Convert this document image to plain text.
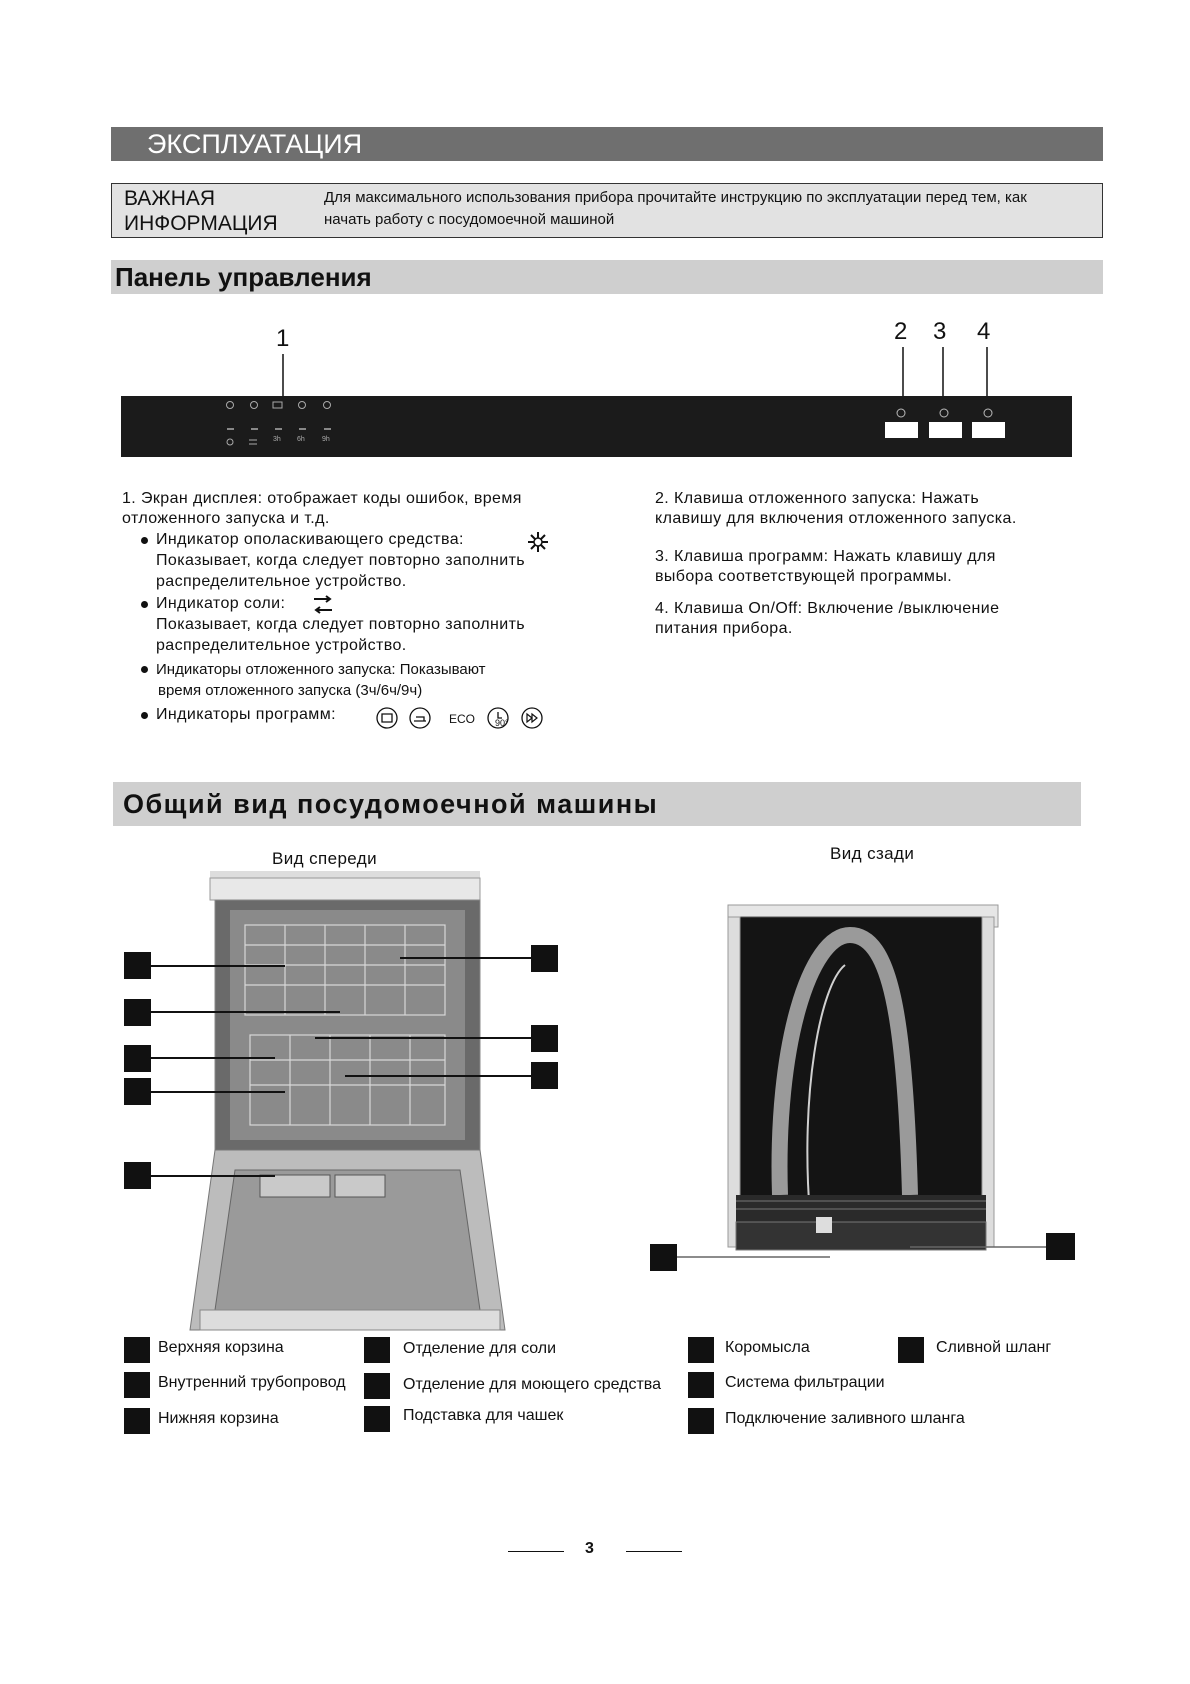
ЭКСПЛУАТАЦИЯ
ВАЖНАЯ
ИНФОРМАЦИЯ
Для максимального использования прибора прочитайте инструкцию по эксплуатации перед тем, как
начать работу с посудомоечной машиной
Панель управления
1	2 3 4
3h 6h 9h
1. Экран дисплея: отображает коды ошибок, время
отложенного запуска и т.д.
Индикатор ополаскивающего средства:
Показывает, когда следует повторно заполнить
распределительное устройство.
Индикатор соли:
Показывает, когда следует повторно заполнить
распределительное устройство.
Индикаторы отложенного запуска: Показывают
время отложенного запуска (3ч/6ч/9ч)
Индикаторы программ:	ECO 90°
2. Клавиша отложенного запуска: Нажать
клавишу для включения отложенного запуска.
3. Клавиша программ: Нажать клавишу для
выбора соответствующей программы.
4. Клавиша On/Off: Включение /выключение
питания прибора.
Общий вид посудомоечной машины
Вид спереди	Вид сзади
Верхняя корзина
Внутренний трубопровод
Нижняя корзина
Отделение для соли
Отделение для моющего средства
Подставка для чашек
Коромысла
Система фильтрации
Подключение заливного шланга
Сливной шланг
3
